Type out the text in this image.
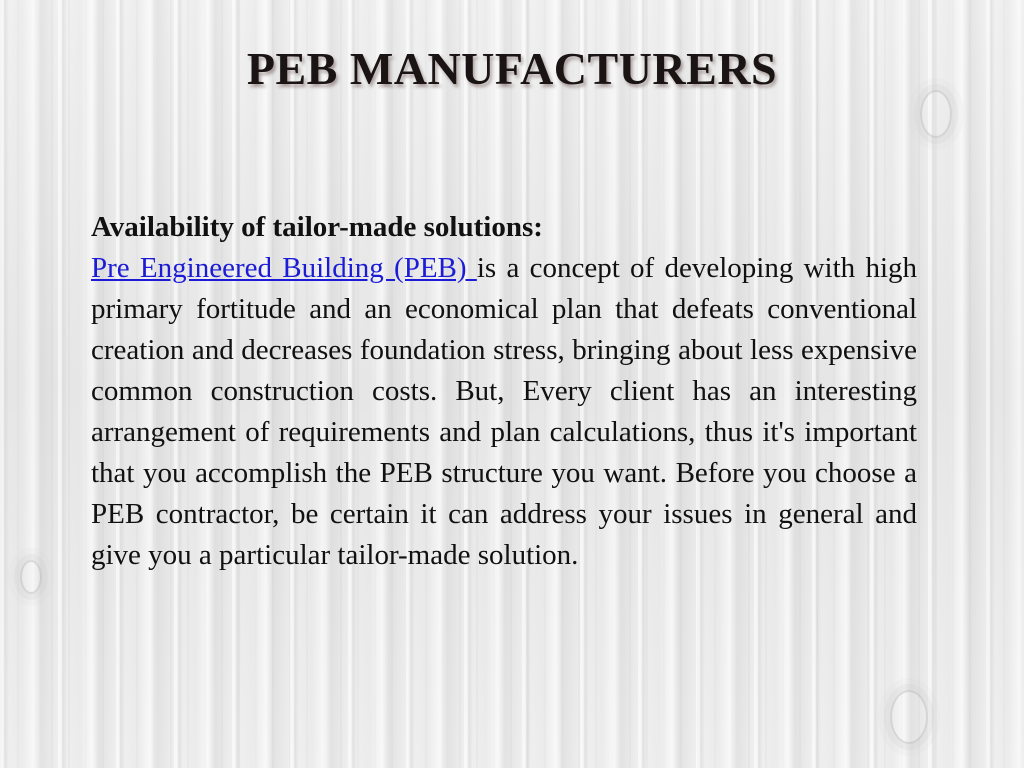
PEB MANUFACTURERS
Availability of tailor-made solutions:

Pre Engineered Building (PEB) is a concept of developing with high primary fortitude and an economical plan that defeats conventional creation and decreases foundation stress, bringing about less expensive common construction costs. But, Every client has an interesting arrangement of requirements and plan calculations, thus it's important that you accomplish the PEB structure you want. Before you choose a PEB contractor, be certain it can address your issues in general and give you a particular tailor-made solution.
